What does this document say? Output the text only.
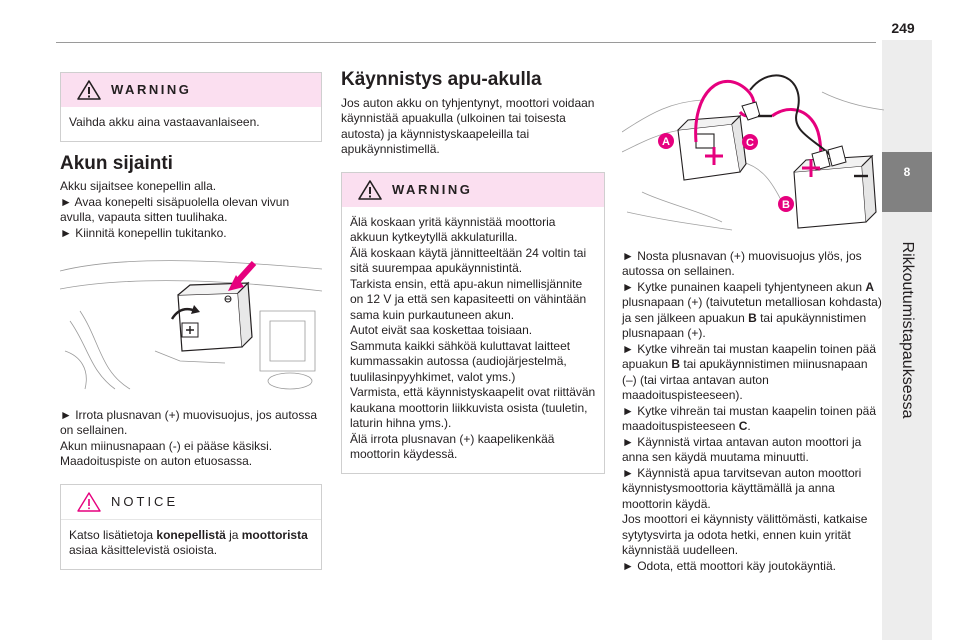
249
8
Rikkoutumistapauksessa
WARNING

Vaihda akku aina vastaavanlaiseen.

Akun sijainti

Akku sijaitsee konepellin alla.

► Avaa konepelti sisäpuolella olevan vivun avulla, vapauta sitten tuulihaka.

► Kiinnitä konepellin tukitanko.

► Irrota plusnavan (+) muovisuojus, jos autossa on sellainen.

Akun miinusnapaan (-) ei pääse käsiksi.

Maadoituspiste on auton etuosassa.

NOTICE

Katso lisätietoja konepellistä ja moottorista asiaa käsittelevistä osioista.

Käynnistys apu-akulla

Jos auton akku on tyhjentynyt, moottori voidaan käynnistää apuakulla (ulkoinen tai toisesta autosta) ja käynnistyskaapeleilla tai apukäynnistimellä.

WARNING

Älä koskaan yritä käynnistää moottoria akkuun kytkeytyllä akkulaturilla.

Älä koskaan käytä jännitteeltään 24 voltin tai sitä suurempaa apukäynnistintä.

Tarkista ensin, että apu-akun nimellisjännite on 12 V ja että sen kapasiteetti on vähintään sama kuin purkautuneen akun.

Autot eivät saa koskettaa toisiaan.

Sammuta kaikki sähköä kuluttavat laitteet kummassakin autossa (audiojärjestelmä, tuulilasinpyyhkimet, valot yms.)

Varmista, että käynnistyskaapelit ovat riittävän kaukana moottorin liikkuvista osista (tuuletin, laturin hihna yms.).

Älä irrota plusnavan (+) kaapelikenkää moottorin käydessä.

A	C
B

► Nosta plusnavan (+) muovisuojus ylös, jos autossa on sellainen.

► Kytke punainen kaapeli tyhjentyneen akun A plusnapaan (+) (taivutetun metalliosan kohdasta) ja sen jälkeen apuakun B tai apukäynnistimen plusnapaan (+).

► Kytke vihreän tai mustan kaapelin toinen pää apuakun B tai apukäynnistimen miinusnapaan (–) (tai virtaa antavan auton maadoituspisteeseen).

► Kytke vihreän tai mustan kaapelin toinen pää maadoituspisteeseen C.

► Käynnistä virtaa antavan auton moottori ja anna sen käydä muutama minuutti.

► Käynnistä apua tarvitsevan auton moottori käynnistysmoottoria käyttämällä ja anna moottorin käydä.

Jos moottori ei käynnisty välittömästi, katkaise sytytysvirta ja odota hetki, ennen kuin yrität käynnistää uudelleen.

► Odota, että moottori käy joutokäyntiä.
